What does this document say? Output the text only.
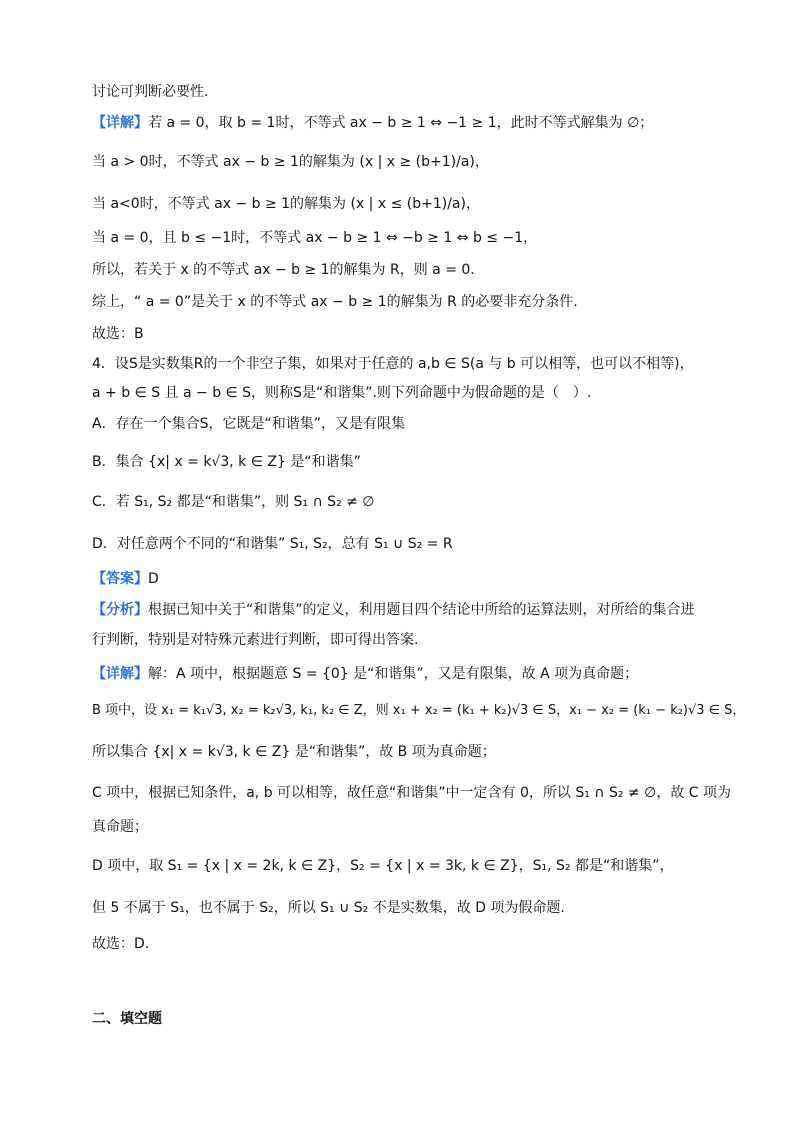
讨论可判断必要性.
【详解】若 a = 0，取 b = 1时，不等式 ax − b ≥ 1 ⇔ −1 ≥ 1，此时不等式解集为 ∅；
当 a > 0时，不等式 ax − b ≥ 1的解集为 (x | x ≥ (b+1)/a)，
当 a<0时，不等式 ax − b ≥ 1的解集为 (x | x ≤ (b+1)/a)，
当 a = 0，且 b ≤ −1时，不等式 ax − b ≥ 1 ⇔ −b ≥ 1 ⇔ b ≤ −1，
所以，若关于 x 的不等式 ax − b ≥ 1的解集为 R，则 a = 0.
综上，“ a = 0”是关于 x 的不等式 ax − b ≥ 1的解集为 R 的必要非充分条件.
故选：B
4．设S是实数集R的一个非空子集，如果对于任意的 a,b ∈ S(a 与 b 可以相等，也可以不相等)，
a + b ∈ S 且 a − b ∈ S，则称S是“和谐集”.则下列命题中为假命题的是（　）.
A．存在一个集合S，它既是“和谐集”，又是有限集
B．集合 {x| x = k√3, k ∈ Z} 是“和谐集”
C．若 S₁, S₂ 都是“和谐集”，则 S₁ ∩ S₂ ≠ ∅
D．对任意两个不同的“和谐集” S₁, S₂，总有 S₁ ∪ S₂ = R
【答案】D
【分析】根据已知中关于“和谐集”的定义，利用题目四个结论中所给的运算法则，对所给的集合进
行判断，特别是对特殊元素进行判断，即可得出答案.
【详解】解：A 项中，根据题意 S = {0} 是“和谐集”，又是有限集，故 A 项为真命题；
B 项中，设 x₁ = k₁√3, x₂ = k₂√3, k₁, k₂ ∈ Z，则 x₁ + x₂ = (k₁ + k₂)√3 ∈ S，x₁ − x₂ = (k₁ − k₂)√3 ∈ S，
所以集合 {x| x = k√3, k ∈ Z} 是“和谐集”，故 B 项为真命题；
C 项中，根据已知条件，a, b 可以相等，故任意“和谐集”中一定含有 0，所以 S₁ ∩ S₂ ≠ ∅，故 C 项为
真命题；
D 项中，取 S₁ = {x | x = 2k, k ∈ Z}，S₂ = {x | x = 3k, k ∈ Z}，S₁, S₂ 都是“和谐集”，
但 5 不属于 S₁，也不属于 S₂，所以 S₁ ∪ S₂ 不是实数集，故 D 项为假命题.
故选：D.
二、填空题
